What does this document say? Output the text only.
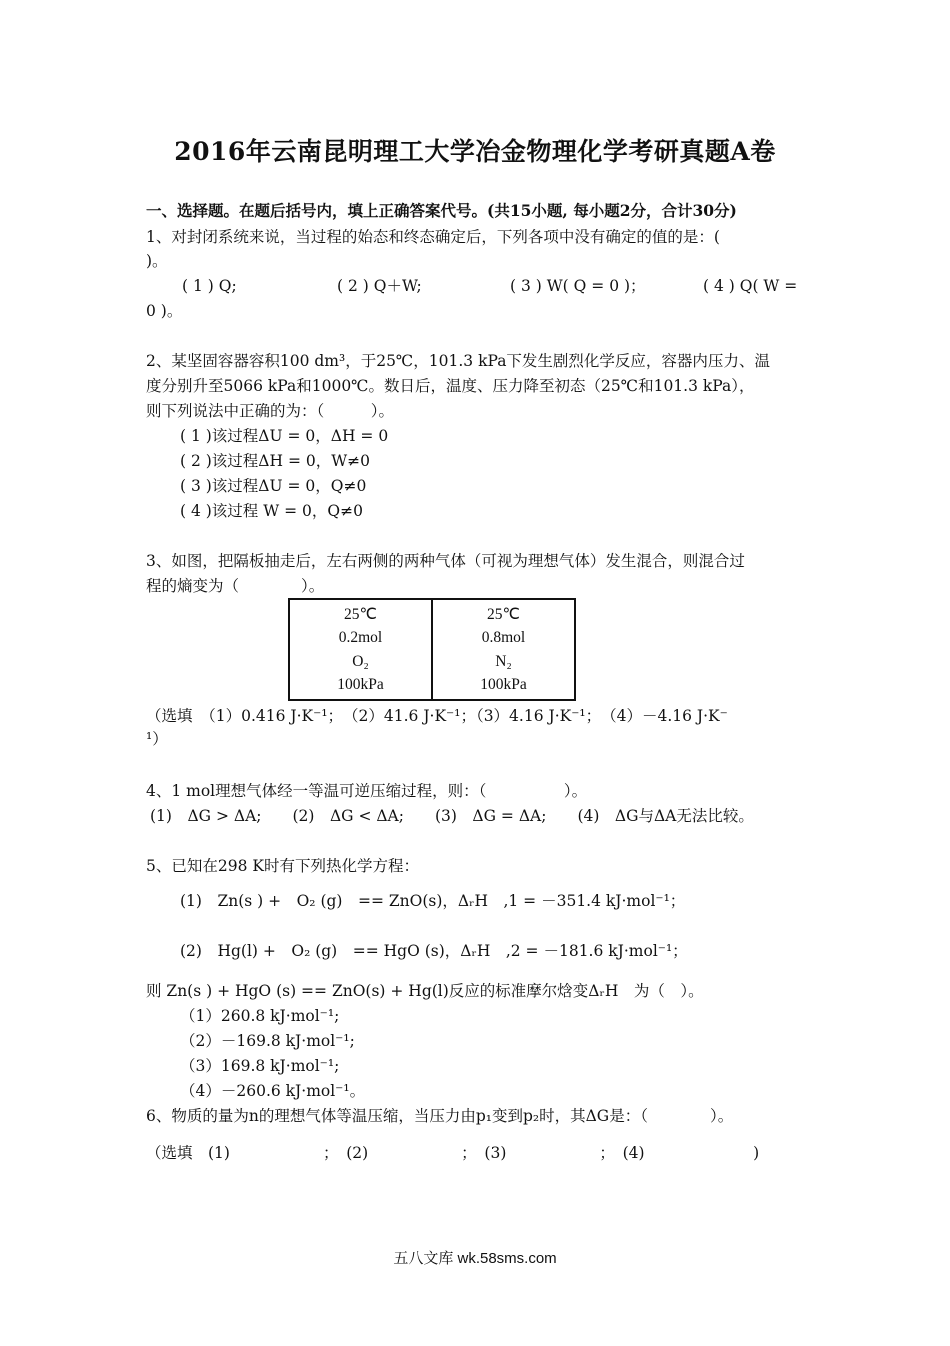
2016年云南昆明理工大学冶金物理化学考研真题A卷
一、选择题。在题后括号内，填上正确答案代号。(共15小题, 每小题2分，合计30分)
1、对封闭系统来说，当过程的始态和终态确定后，下列各项中没有确定的值的是：(
)。
( 1 ) Q;	( 2 ) Q＋W;	( 3 ) W( Q = 0 )；	( 4 ) Q( W =
0 )。
2、某坚固容器容积100 dm³，于25℃，101.3 kPa下发生剧烈化学反应，容器内压力、温
度分别升至5066 kPa和1000℃。数日后，温度、压力降至初态（25℃和101.3 kPa），
则下列说法中正确的为：（　　　）。
( 1 )该过程ΔU = 0，ΔH = 0
( 2 )该过程ΔH = 0，W≠0
( 3 )该过程ΔU = 0，Q≠0
( 4 )该过程 W = 0，Q≠0
3、如图，把隔板抽走后，左右两侧的两种气体（可视为理想气体）发生混合，则混合过
程的熵变为（　　　　）。
25℃
0.2mol
O₂
100kPa
25℃
0.8mol
N₂
100kPa
（选填　（1）0.416 J·K⁻¹；　（2）41.6 J·K⁻¹；（3）4.16 J·K⁻¹；　（4）－4.16 J·K⁻
¹）
4、1 mol理想气体经一等温可逆压缩过程，则：（　　　　　）。
(1)　ΔG > ΔA;　　(2)　ΔG < ΔA;　　(3)　ΔG = ΔA;　　(4)　ΔG与ΔA无法比较。
5、已知在298 K时有下列热化学方程：
(1)　Zn(s ) +　O₂ (g)　== ZnO(s)，ΔᵣH　,1 = －351.4 kJ·mol⁻¹；
(2)　Hg(l) +　O₂ (g)　== HgO (s)，ΔᵣH　,2 = －181.6 kJ·mol⁻¹；
则 Zn(s ) + HgO (s) == ZnO(s) + Hg(l)反应的标准摩尔焓变ΔᵣH　为（　）。
（1）260.8 kJ·mol⁻¹;
（2）－169.8 kJ·mol⁻¹;
（3）169.8 kJ·mol⁻¹;
（4）－260.6 kJ·mol⁻¹。
6、物质的量为n的理想气体等温压缩，当压力由p₁变到p₂时，其ΔG是：（　　　　）。
（选填　(1)　　　　　　；　(2)　　　　　　；　(3)　　　　　　；　(4)　　　　　　　)
五八文库 wk.58sms.com
